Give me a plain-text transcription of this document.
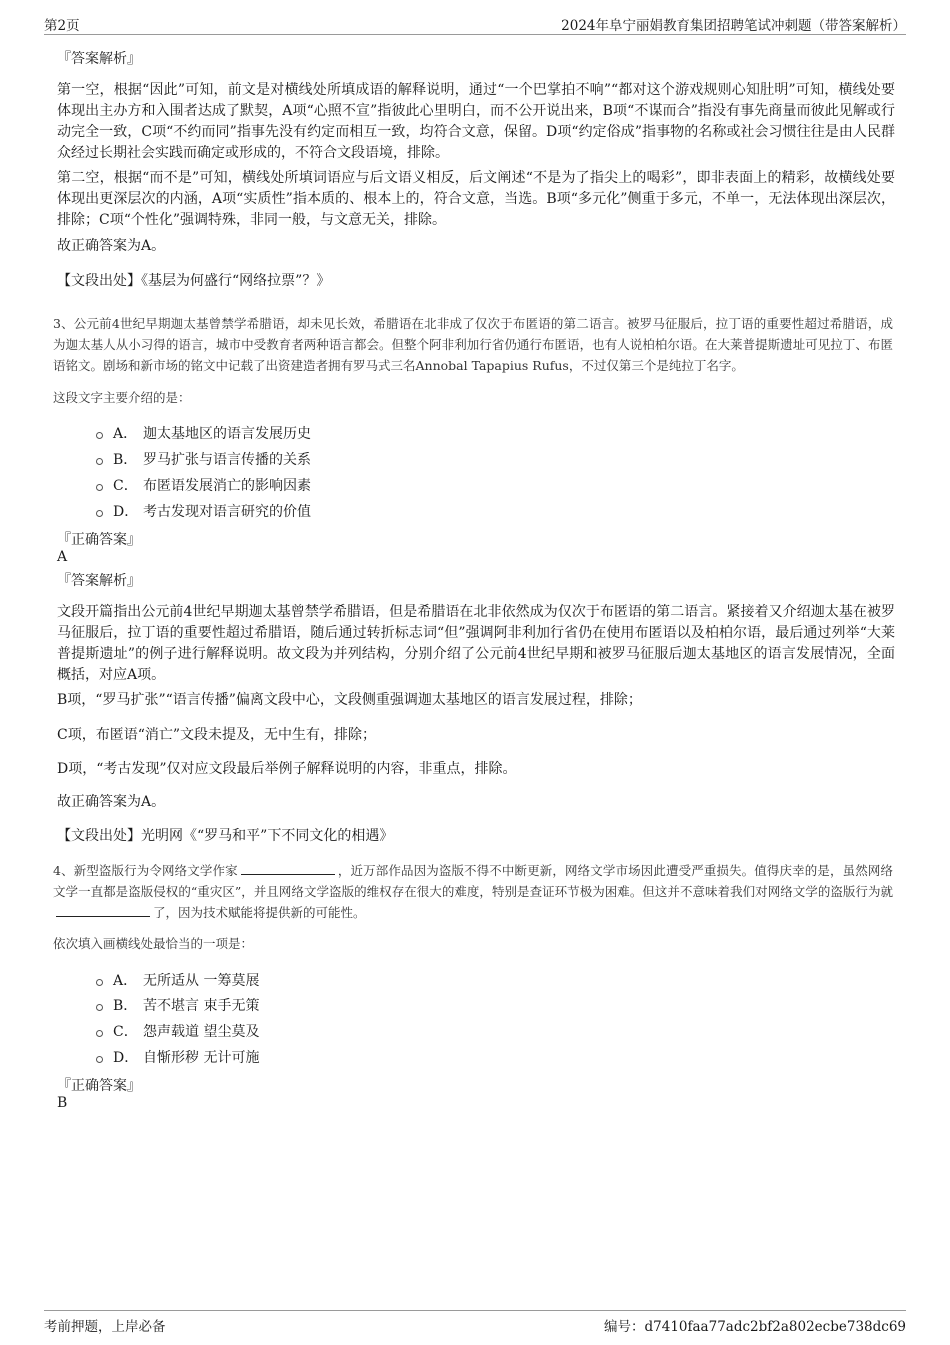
第2页	2024年阜宁丽娟教育集团招聘笔试冲刺题（带答案解析）
『答案解析』

第一空，根据“因此”可知，前文是对横线处所填成语的解释说明，通过“一个巴掌拍不响”“都对这个游戏规则心知肚明”可知，横线处要体现出主办方和入围者达成了默契，A项“心照不宣”指彼此心里明白，而不公开说出来，B项“不谋而合”指没有事先商量而彼此见解或行动完全一致，C项“不约而同”指事先没有约定而相互一致，均符合文意，保留。D项“约定俗成”指事物的名称或社会习惯往往是由人民群众经过长期社会实践而确定或形成的，不符合文段语境，排除。

第二空，根据“而不是”可知，横线处所填词语应与后文语义相反，后文阐述“不是为了指尖上的喝彩”，即非表面上的精彩，故横线处要体现出更深层次的内涵，A项“实质性”指本质的、根本上的，符合文意，当选。B项“多元化”侧重于多元，不单一，无法体现出深层次，排除；C项“个性化”强调特殊，非同一般，与文意无关，排除。

故正确答案为A。

【文段出处】《基层为何盛行“网络拉票”？》

3、公元前4世纪早期迦太基曾禁学希腊语，却未见长效，希腊语在北非成了仅次于布匿语的第二语言。被罗马征服后，拉丁语的重要性超过希腊语，成为迦太基人从小习得的语言，城市中受教育者两种语言都会。但整个阿非利加行省仍通行布匿语，也有人说柏柏尔语。在大莱普提斯遗址可见拉丁、布匿语铭文。剧场和新市场的铭文中记载了出资建造者拥有罗马式三名Annobal Tapapius Rufus，不过仅第三个是纯拉丁名字。

这段文字主要介绍的是：
A． 迦太基地区的语言发展历史
B． 罗马扩张与语言传播的关系
C． 布匿语发展消亡的影响因素
D． 考古发现对语言研究的价值
『正确答案』
A
『答案解析』

文段开篇指出公元前4世纪早期迦太基曾禁学希腊语，但是希腊语在北非依然成为仅次于布匿语的第二语言。紧接着又介绍迦太基在被罗马征服后，拉丁语的重要性超过希腊语，随后通过转折标志词“但”强调阿非利加行省仍在使用布匿语以及柏柏尔语，最后通过列举“大莱普提斯遗址”的例子进行解释说明。故文段为并列结构，分别介绍了公元前4世纪早期和被罗马征服后迦太基地区的语言发展情况，全面概括，对应A项。

B项，“罗马扩张”“语言传播”偏离文段中心，文段侧重强调迦太基地区的语言发展过程，排除；

C项，布匿语“消亡”文段未提及，无中生有，排除；

D项，“考古发现”仅对应文段最后举例子解释说明的内容，非重点，排除。

故正确答案为A。

【文段出处】光明网《“罗马和平”下不同文化的相遇》

4、新型盗版行为令网络文学作家	，近万部作品因为盗版不得不中断更新，网络文学市场因此遭受严重损失。值得庆幸的是，虽然网络文学一直都是盗版侵权的“重灾区”，并且网络文学盗版的维权存在很大的难度，特别是查证环节极为困难。但这并不意味着我们对网络文学的盗版行为就了，因为技术赋能将提供新的可能性。

依次填入画横线处最恰当的一项是：
A． 无所适从 一筹莫展
B． 苦不堪言 束手无策
C． 怨声载道 望尘莫及
D． 自惭形秽 无计可施
『正确答案』
B
考前押题，上岸必备	编号：d7410faa77adc2bf2a802ecbe738dc69
